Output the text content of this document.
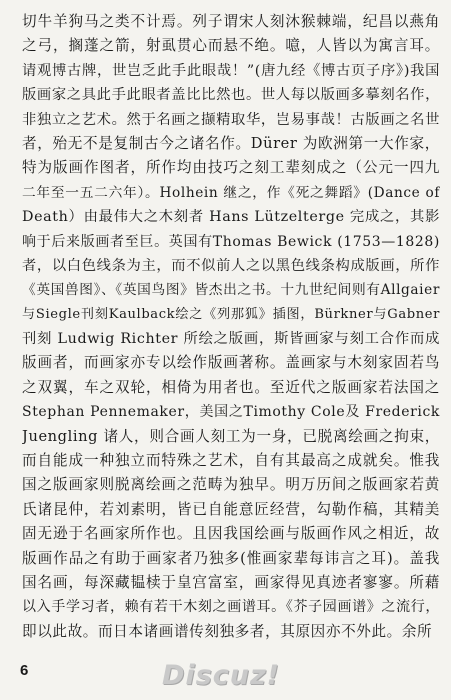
切牛羊狗马之类不计焉。列子谓宋人刻沐猴棘端，纪昌以燕角
之弓，搁蓬之箭，射虱贯心而悬不绝。噫，人皆以为寓言耳。
请观博古牌，世岂乏此手此眼哉！”(唐九经《博古页子序》)我国
版画家之具此手此眼者盖比比然也。世人每以版画多摹刻名作，
非独立之艺术。然于名画之撷精取华，岂易事哉！古版画之名世
者，殆无不是复制古今之诸名作。Dürer 为欧洲第一大作家，
特为版画作图者，所作均由技巧之刻工辈刻成之（公元一四九
二年至一五二六年）。Holhein 继之，作《死之舞蹈》(Dance of
Death）由最伟大之木刻者 Hans Lützelterge 完成之，其影
响于后来版画者至巨。英国有Thomas Bewick (1753—1828)
者，以白色线条为主，而不似前人之以黑色线条构成版画，所作
《英国兽图》、《英国鸟图》皆杰出之书。十九世纪间则有Allgaier
与Siegle刊刻Kaulback绘之《列那狐》插图，Bürkner与Gabner
刊刻 Ludwig Richter 所绘之版画，斯皆画家与刻工合作而成
版画者，而画家亦专以绘作版画著称。盖画家与木刻家固若鸟
之双翼，车之双轮，相倚为用者也。至近代之版画家若法国之
Stephan Pennemaker，美国之Timothy Cole及 Frederick
Juengling 诸人，则合画人刻工为一身，已脱离绘画之拘束，
而自能成一种独立而特殊之艺术，自有其最高之成就矣。惟我
国之版画家则脱离绘画之范畴为独早。明万历间之版画家若黄
氏诸昆仲，若刘素明，皆已自能意匠经营，勾勒作稿，其精美
固无逊于名画家所作也。且因我国绘画与版画作风之相近，故
版画作品之有助于画家者乃独多(惟画家辈每讳言之耳)。盖我
国名画，每深藏韫椟于皇宫富室，画家得见真迹者寥寥。所藉
以入手学习者，赖有若干木刻之画谱耳。《芥子园画谱》之流行，
即以此故。而日本诸画谱传刻独多者，其原因亦不外此。余所
6	Discuz!
